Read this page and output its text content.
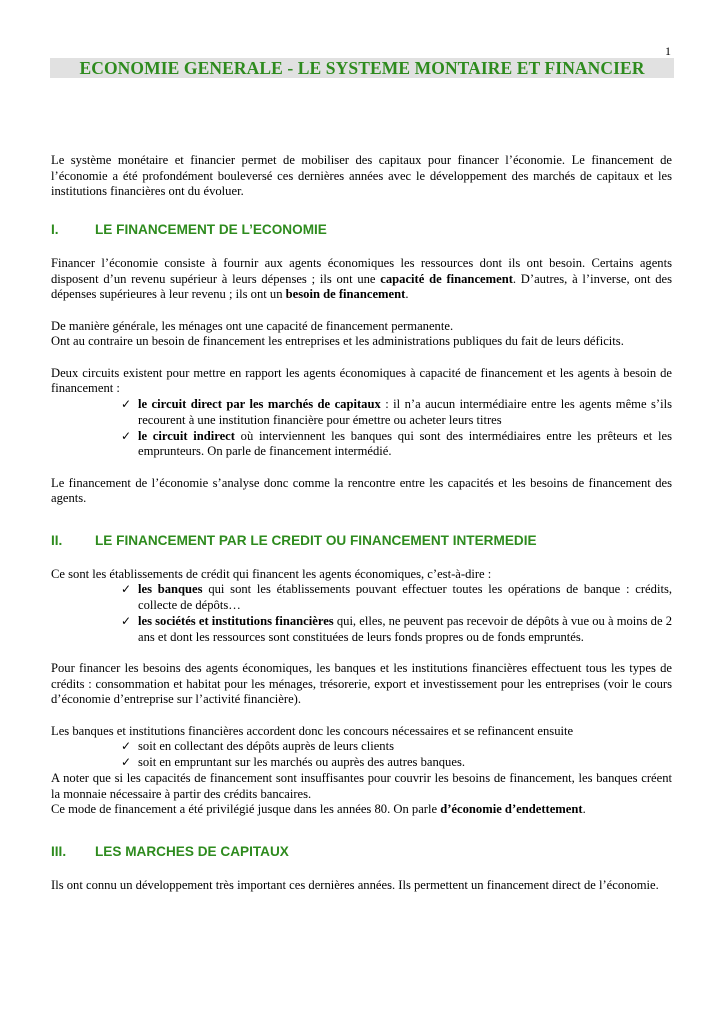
1
ECONOMIE GENERALE - LE SYSTEME MONTAIRE ET FINANCIER

Le système monétaire et financier permet de mobiliser des capitaux pour financer l’économie. Le financement de l’économie a été profondément bouleversé ces dernières années avec le développement des marchés de capitaux et les institutions financières ont du évoluer.

I.	LE FINANCEMENT DE L’ECONOMIE

Financer l’économie consiste à fournir aux agents économiques les ressources dont ils ont besoin. Certains agents disposent d’un revenu supérieur à leurs dépenses ; ils ont une capacité de financement. D’autres, à l’inverse, ont des dépenses supérieures à leur revenu ; ils ont un besoin de financement.

De manière générale, les ménages ont une capacité de financement permanente.
Ont au contraire un besoin de financement les entreprises et les administrations publiques du fait de leurs déficits.

Deux circuits existent pour mettre en rapport les agents économiques à capacité de financement et les agents à besoin de financement :

✓ le circuit direct par les marchés de capitaux : il n’a aucun intermédiaire entre les agents même s’ils recourent à une institution financière pour émettre ou acheter leurs titres
✓ le circuit indirect où interviennent les banques qui sont des intermédiaires entre les prêteurs et les emprunteurs. On parle de financement intermédié.

Le financement de l’économie s’analyse donc comme la rencontre entre les capacités et les besoins de financement des agents.

II.	LE FINANCEMENT PAR LE CREDIT OU FINANCEMENT INTERMEDIE

Ce sont les établissements de crédit qui financent les agents économiques, c’est-à-dire :

✓ les banques qui sont les établissements pouvant effectuer toutes les opérations de banque : crédits, collecte de dépôts…
✓ les sociétés et institutions financières qui, elles, ne peuvent pas recevoir de dépôts à vue ou à moins de 2 ans et dont les ressources sont constituées de leurs fonds propres ou de fonds empruntés.

Pour financer les besoins des agents économiques, les banques et les institutions financières effectuent tous les types de crédits : consommation et habitat pour les ménages, trésorerie, export et investissement pour les entreprises (voir le cours d’économie d’entreprise sur l’activité financière).

Les banques et institutions financières accordent donc les concours nécessaires et se refinancent ensuite

✓ soit en collectant des dépôts auprès de leurs clients
✓ soit en empruntant sur les marchés ou auprès des autres banques.

A noter que si les capacités de financement sont insuffisantes pour couvrir les besoins de financement, les banques créent la monnaie nécessaire à partir des crédits bancaires.

Ce mode de financement a été privilégié jusque dans les années 80. On parle d’économie d’endettement.

III.	LES MARCHES DE CAPITAUX

Ils ont connu un développement très important ces dernières années. Ils permettent un financement direct de l’économie.
